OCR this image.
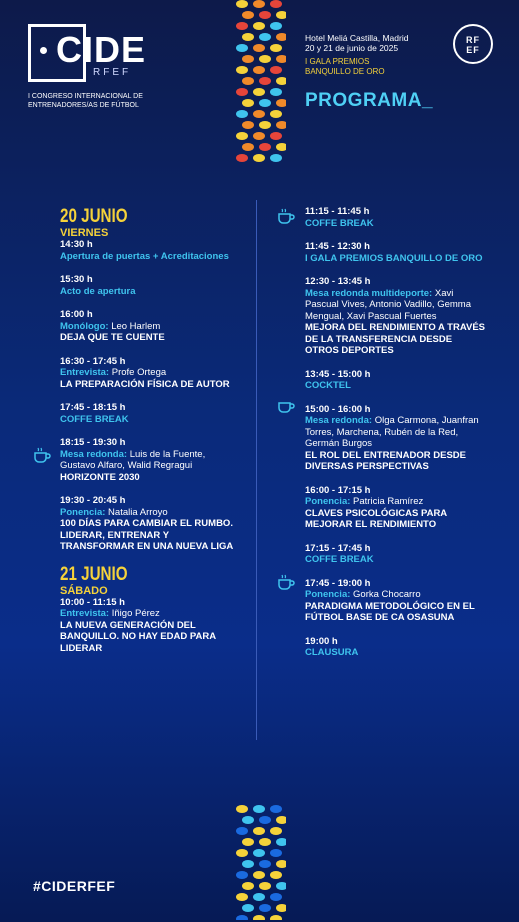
CIDE
RFEF
I CONGRESO INTERNACIONAL DE ENTRENADORES/AS DE FÚTBOL
Hotel Meliá Castilla, Madrid
20 y 21 de junio de 2025
I GALA PREMIOS
BANQUILLO DE ORO
PROGRAMA_
RF
EF
20 JUNIO
VIERNES
14:30 h
Apertura de puertas + Acreditaciones
15:30 h
Acto de apertura
16:00 h
Monólogo: Leo Harlem
DEJA QUE TE CUENTE
16:30 - 17:45 h
Entrevista: Profe Ortega
LA PREPARACIÓN FÍSICA DE AUTOR
17:45 - 18:15 h
COFFE BREAK
18:15 - 19:30 h
Mesa redonda: Luis de la Fuente, Gustavo Alfaro, Walid Regragui
HORIZONTE 2030
19:30 - 20:45 h
Ponencia: Natalia Arroyo
100 DÍAS PARA CAMBIAR EL RUMBO. LIDERAR, ENTRENAR Y TRANSFORMAR EN UNA NUEVA LIGA
21 JUNIO
SÁBADO
10:00 - 11:15 h
Entrevista: Iñigo Pérez
LA NUEVA GENERACIÓN DEL BANQUILLO. NO HAY EDAD PARA LIDERAR
11:15 - 11:45 h
COFFE BREAK
11:45 - 12:30 h
I GALA PREMIOS BANQUILLO DE ORO
12:30 - 13:45 h
Mesa redonda multideporte: Xavi Pascual Vives, Antonio Vadillo, Gemma Mengual, Xavi Pascual Fuertes
MEJORA DEL RENDIMIENTO A TRAVÉS DE LA TRANSFERENCIA DESDE OTROS DEPORTES
13:45 - 15:00 h
COCKTEL
15:00 - 16:00 h
Mesa redonda: Olga Carmona, Juanfran Torres, Marchena, Rubén de la Red, Germán Burgos
EL ROL DEL ENTRENADOR DESDE DIVERSAS PERSPECTIVAS
16:00 - 17:15 h
Ponencia: Patricia Ramírez
CLAVES PSICOLÓGICAS PARA MEJORAR EL RENDIMIENTO
17:15 - 17:45 h
COFFE BREAK
17:45 - 19:00 h
Ponencia: Gorka Chocarro
PARADIGMA METODOLÓGICO EN EL FÚTBOL BASE DE CA OSASUNA
19:00 h
CLAUSURA
#CIDERFEF
